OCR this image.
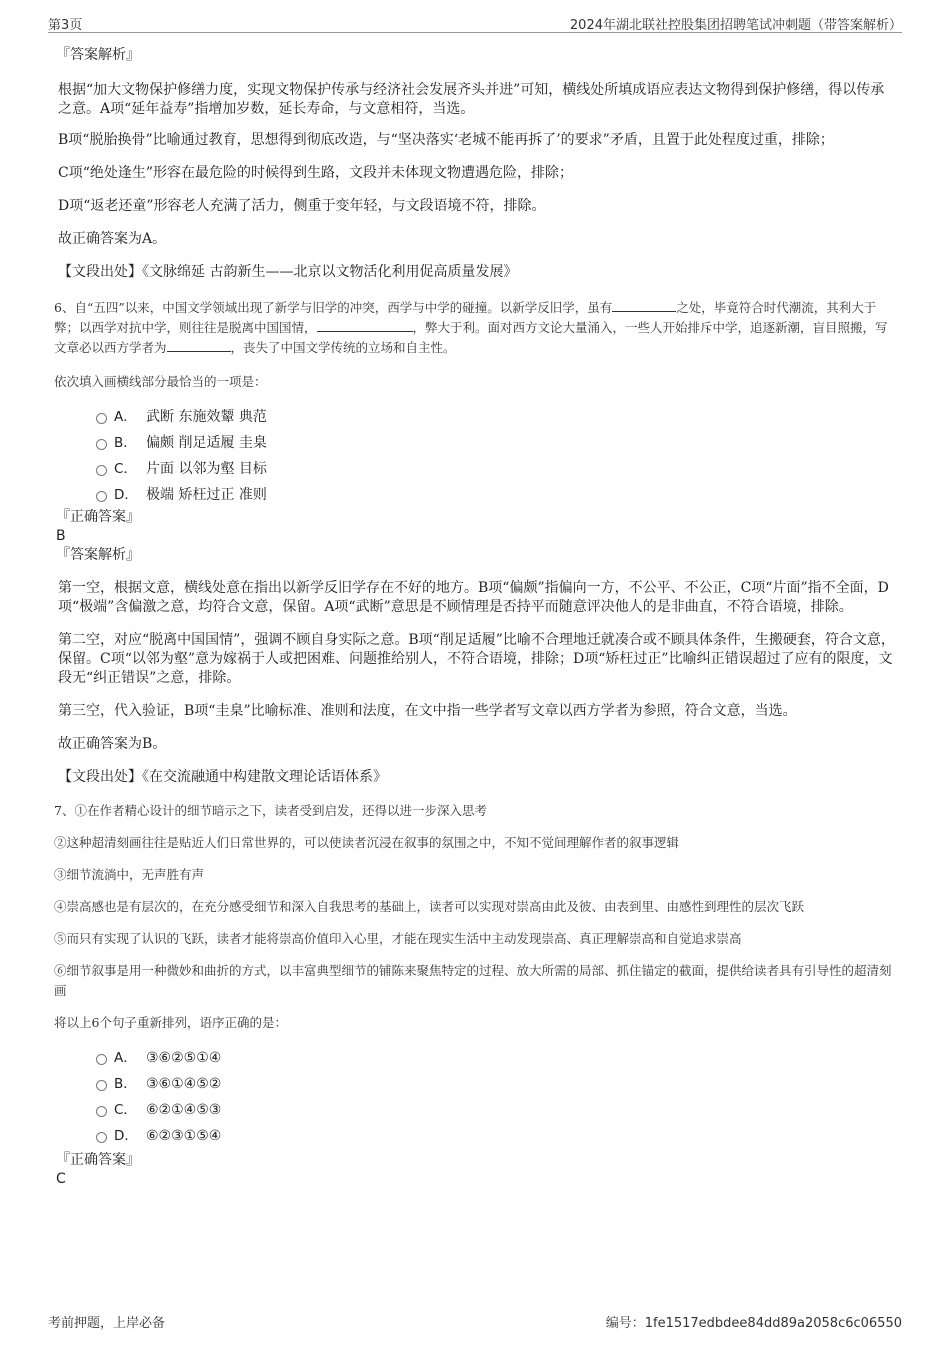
第3页	2024年湖北联社控股集团招聘笔试冲刺题（带答案解析）

『答案解析』

根据“加大文物保护修缮力度，实现文物保护传承与经济社会发展齐头并进”可知，横线处所填成语应表达文物得到保护修缮，得以传承之意。A项“延年益寿”指增加岁数，延长寿命，与文意相符，当选。

B项“脱胎换骨”比喻通过教育，思想得到彻底改造，与“坚决落实‘老城不能再拆了’的要求”矛盾，且置于此处程度过重，排除；

C项“绝处逢生”形容在最危险的时候得到生路，文段并未体现文物遭遇危险，排除；

D项“返老还童”形容老人充满了活力，侧重于变年轻，与文段语境不符，排除。

故正确答案为A。

【文段出处】《文脉绵延 古韵新生——北京以文物活化利用促高质量发展》

6、自“五四”以来，中国文学领域出现了新学与旧学的冲突，西学与中学的碰撞。以新学反旧学，虽有	之处，毕竟符合时代潮流，其利大于弊；以西学对抗中学，则往往是脱离中国国情，	，弊大于利。面对西方文论大量涌入，一些人开始排斥中学，追逐新潮，盲目照搬，写文章必以西方学者为	，丧失了中国文学传统的立场和自主性。

依次填入画横线部分最恰当的一项是：

A． 武断 东施效颦 典范
B． 偏颇 削足适履 圭臬
C． 片面 以邻为壑 目标
D． 极端 矫枉过正 准则

『正确答案』

B

『答案解析』

第一空，根据文意，横线处意在指出以新学反旧学存在不好的地方。B项“偏颇”指偏向一方，不公平、不公正，C项“片面”指不全面，D项“极端”含偏激之意，均符合文意，保留。A项“武断”意思是不顾情理是否持平而随意评决他人的是非曲直，不符合语境，排除。

第二空，对应“脱离中国国情”，强调不顾自身实际之意。B项“削足适履”比喻不合理地迁就凑合或不顾具体条件，生搬硬套，符合文意，保留。C项“以邻为壑”意为嫁祸于人或把困难、问题推给别人，不符合语境，排除；D项“矫枉过正”比喻纠正错误超过了应有的限度，文段无“纠正错误”之意，排除。

第三空，代入验证，B项“圭臬”比喻标准、准则和法度，在文中指一些学者写文章以西方学者为参照，符合文意，当选。

故正确答案为B。

【文段出处】《在交流融通中构建散文理论话语体系》

7、①在作者精心设计的细节暗示之下，读者受到启发，还得以进一步深入思考

②这种超清刻画往往是贴近人们日常世界的，可以使读者沉浸在叙事的氛围之中，不知不觉间理解作者的叙事逻辑

③细节流淌中，无声胜有声

④崇高感也是有层次的，在充分感受细节和深入自我思考的基础上，读者可以实现对崇高由此及彼、由表到里、由感性到理性的层次飞跃

⑤而只有实现了认识的飞跃，读者才能将崇高价值印入心里，才能在现实生活中主动发现崇高、真正理解崇高和自觉追求崇高

⑥细节叙事是用一种微妙和曲折的方式，以丰富典型细节的铺陈来聚焦特定的过程、放大所需的局部、抓住锚定的截面，提供给读者具有引导性的超清刻画

将以上6个句子重新排列，语序正确的是：

A． ③⑥②⑤①④
B． ③⑥①④⑤②
C． ⑥②①④⑤③
D． ⑥②③①⑤④

『正确答案』

C

考前押题，上岸必备	编号：1fe1517edbdee84dd89a2058c6c06550
